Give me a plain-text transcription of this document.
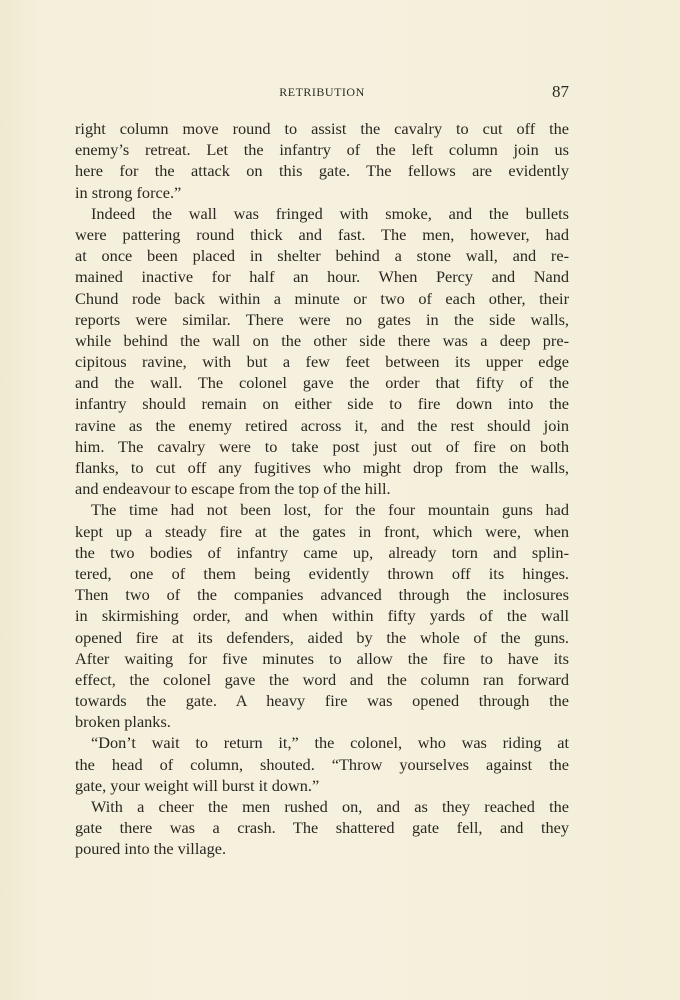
RETRIBUTION	87
right column move round to assist the cavalry to cut off the
enemy’s retreat. Let the infantry of the left column join us
here for the attack on this gate. The fellows are evidently
in strong force.”
Indeed the wall was fringed with smoke, and the bullets
were pattering round thick and fast. The men, however, had
at once been placed in shelter behind a stone wall, and re-
mained inactive for half an hour. When Percy and Nand
Chund rode back within a minute or two of each other, their
reports were similar. There were no gates in the side walls,
while behind the wall on the other side there was a deep pre-
cipitous ravine, with but a few feet between its upper edge
and the wall. The colonel gave the order that fifty of the
infantry should remain on either side to fire down into the
ravine as the enemy retired across it, and the rest should join
him. The cavalry were to take post just out of fire on both
flanks, to cut off any fugitives who might drop from the walls,
and endeavour to escape from the top of the hill.
The time had not been lost, for the four mountain guns had
kept up a steady fire at the gates in front, which were, when
the two bodies of infantry came up, already torn and splin-
tered, one of them being evidently thrown off its hinges.
Then two of the companies advanced through the inclosures
in skirmishing order, and when within fifty yards of the wall
opened fire at its defenders, aided by the whole of the guns.
After waiting for five minutes to allow the fire to have its
effect, the colonel gave the word and the column ran forward
towards the gate. A heavy fire was opened through the
broken planks.
“Don’t wait to return it,” the colonel, who was riding at
the head of column, shouted. “Throw yourselves against the
gate, your weight will burst it down.”
With a cheer the men rushed on, and as they reached the
gate there was a crash. The shattered gate fell, and they
poured into the village.
